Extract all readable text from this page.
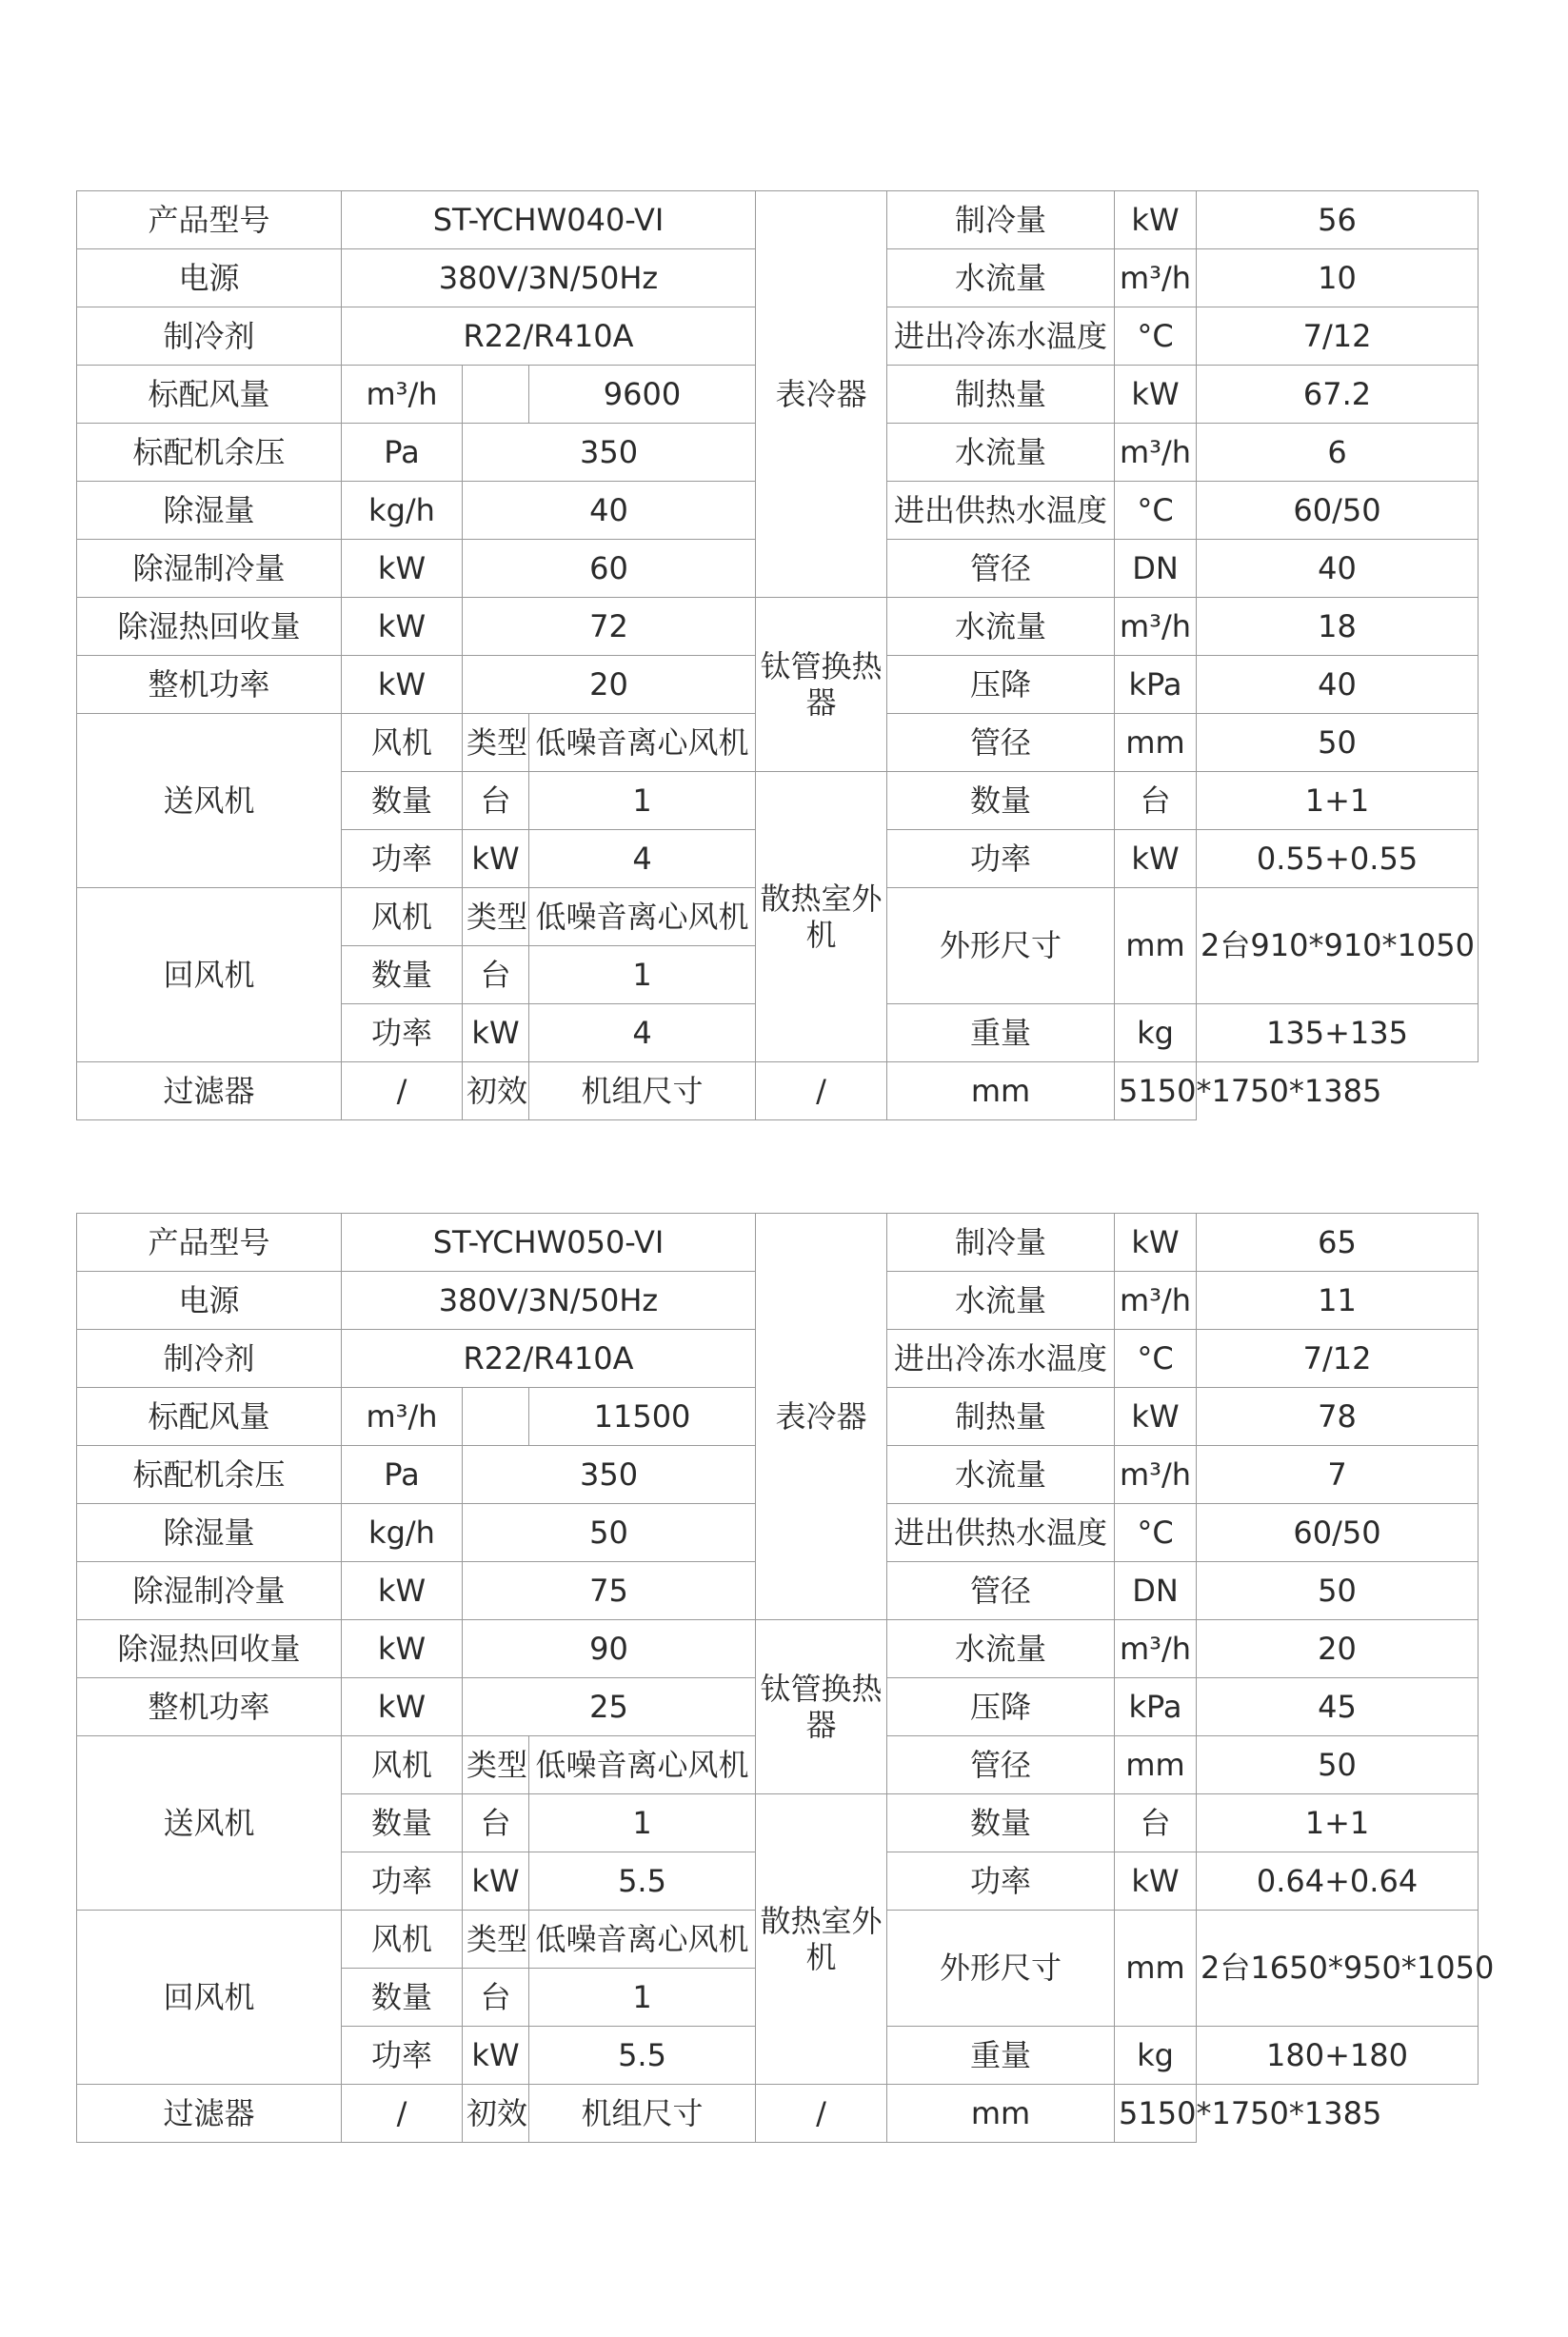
产品型号	ST-YCHW040-VI			表冷器	制冷量	kW	56
电源	380V/3N/50Hz				水流量	m³/h	10
制冷剂	R22/R410A				进出冷冻水温度	°C	7/12
标配风量	m³/h		9600		制热量	kW	67.2
标配机余压	Pa	350			水流量	m³/h	6
除湿量	kg/h	40			进出供热水温度	°C	60/50
除湿制冷量	kW	60			管径	DN	40
除湿热回收量	kW	72		钛管换热器	水流量	m³/h	18
整机功率	kW	20			压降	kPa	40
送风机	风机	类型	低噪音离心风机		管径	mm	50
	数量	台	1	散热室外机	数量	台	1+1
	功率	kW	4		功率	kW	0.55+0.55
回风机	风机	类型	低噪音离心风机		外形尺寸	mm	2台910*910*1050
	数量	台	1				
	功率	kW	4		重量	kg	135+135
过滤器	/	初效	机组尺寸	/	mm	5150*1750*1385	
产品型号	ST-YCHW050-VI			表冷器	制冷量	kW	65
电源	380V/3N/50Hz				水流量	m³/h	11
制冷剂	R22/R410A				进出冷冻水温度	°C	7/12
标配风量	m³/h		11500		制热量	kW	78
标配机余压	Pa	350			水流量	m³/h	7
除湿量	kg/h	50			进出供热水温度	°C	60/50
除湿制冷量	kW	75			管径	DN	50
除湿热回收量	kW	90		钛管换热器	水流量	m³/h	20
整机功率	kW	25			压降	kPa	45
送风机	风机	类型	低噪音离心风机		管径	mm	50
	数量	台	1	散热室外机	数量	台	1+1
	功率	kW	5.5		功率	kW	0.64+0.64
回风机	风机	类型	低噪音离心风机		外形尺寸	mm	2台1650*950*1050
	数量	台	1				
	功率	kW	5.5		重量	kg	180+180
过滤器	/	初效	机组尺寸	/	mm	5150*1750*1385	
